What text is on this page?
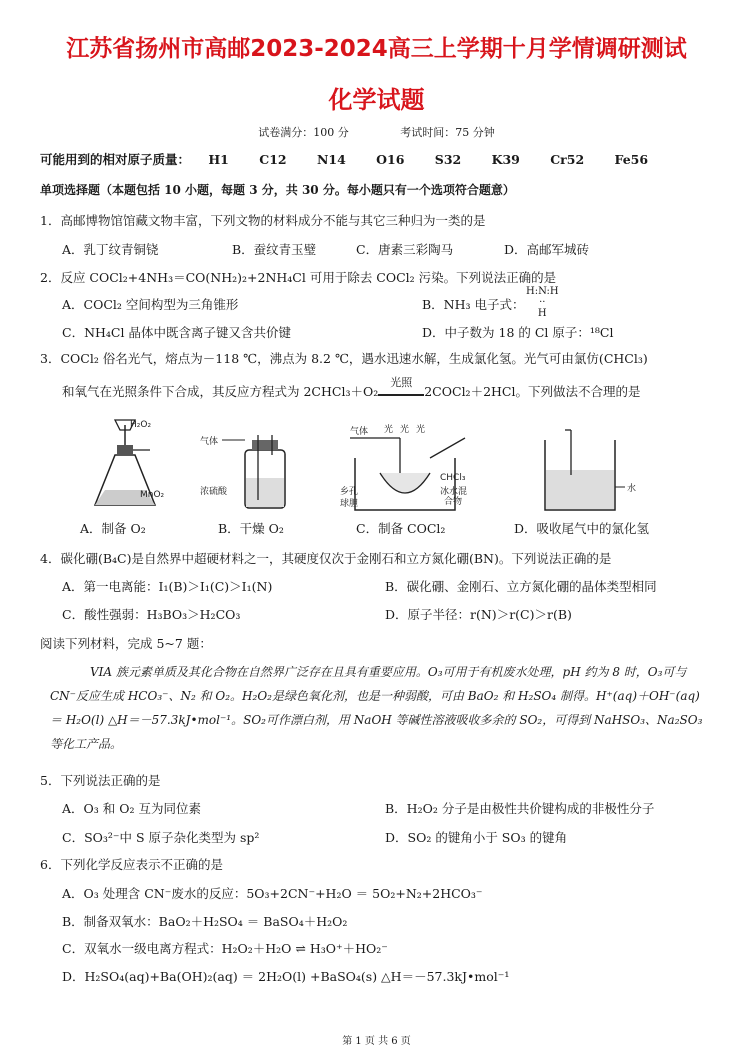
江苏省扬州市高邮2023-2024高三上学期十月学情调研测试
化学试题
试卷满分：100 分	考试时间：75 分钟
可能用到的相对原子质量： H1 C12 N14 O16 S32 K39 Cr52 Fe56
单项选择题（本题包括 10 小题，每题 3 分，共 30 分。每小题只有一个选项符合题意）
1．高邮博物馆馆藏文物丰富，下列文物的材料成分不能与其它三种归为一类的是
A．乳丁纹青铜铙	B．蚕纹青玉璧	C．唐素三彩陶马	D．高邮军城砖
2．反应 COCl₂+4NH₃＝CO(NH₂)₂+2NH₄Cl 可用于除去 COCl₂ 污染。下列说法正确的是
A．COCl₂ 空间构型为三角锥形	B．NH₃ 电子式：
H:N:H
··
H
C．NH₄Cl 晶体中既含离子键又含共价键	D．中子数为 18 的 Cl 原子：¹⁸Cl
3．COCl₂ 俗名光气，熔点为－118 ℃，沸点为 8.2 ℃，遇水迅速水解，生成氯化氢。光气可由氯仿(CHCl₃)
和氧气在光照条件下合成，其反应方程式为 2CHCl₃＋O₂
光照
2COCl₂＋2HCl。下列做法不合理的是
H₂O₂
MnO₂
气体
浓硫酸
气体 光 光 光
CHCl₃
冰水混
合物
乡孔
球胆
水
A．制备 O₂	B．干燥 O₂	C．制备 COCl₂	D．吸收尾气中的氯化氢
4．碳化硼(B₄C)是自然界中超硬材料之一，其硬度仅次于金刚石和立方氮化硼(BN)。下列说法正确的是
A．第一电离能：I₁(B)＞I₁(C)＞I₁(N)	B．碳化硼、金刚石、立方氮化硼的晶体类型相同
C．酸性强弱：H₃BO₃＞H₂CO₃	D．原子半径：r(N)＞r(C)＞r(B)
阅读下列材料，完成 5~7 题：
VIA 族元素单质及其化合物在自然界广泛存在且具有重要应用。O₃可用于有机废水处理，pH 约为 8 时，O₃可与 CN⁻反应生成 HCO₃⁻、N₂ 和 O₂。H₂O₂是绿色氧化剂，也是一种弱酸，可由 BaO₂ 和 H₂SO₄ 制得。H⁺(aq)＋OH⁻(aq) ＝ H₂O(l) △H＝－57.3kJ•mol⁻¹。SO₂可作漂白剂，用 NaOH 等碱性溶液吸收多余的 SO₂，可得到 NaHSO₃、Na₂SO₃ 等化工产品。
5．下列说法正确的是
A．O₃ 和 O₂ 互为同位素	B．H₂O₂ 分子是由极性共价键构成的非极性分子
C．SO₃²⁻中 S 原子杂化类型为 sp²	D．SO₂ 的键角小于 SO₃ 的键角
6．下列化学反应表示不正确的是
A．O₃ 处理含 CN⁻废水的反应：5O₃+2CN⁻+H₂O ＝ 5O₂+N₂+2HCO₃⁻
B．制备双氧水：BaO₂＋H₂SO₄ ＝ BaSO₄＋H₂O₂
C．双氧水一级电离方程式：H₂O₂＋H₂O ⇌ H₃O⁺＋HO₂⁻
D．H₂SO₄(aq)+Ba(OH)₂(aq) ＝ 2H₂O(l) +BaSO₄(s) △H＝－57.3kJ•mol⁻¹
第 1 页 共 6 页
